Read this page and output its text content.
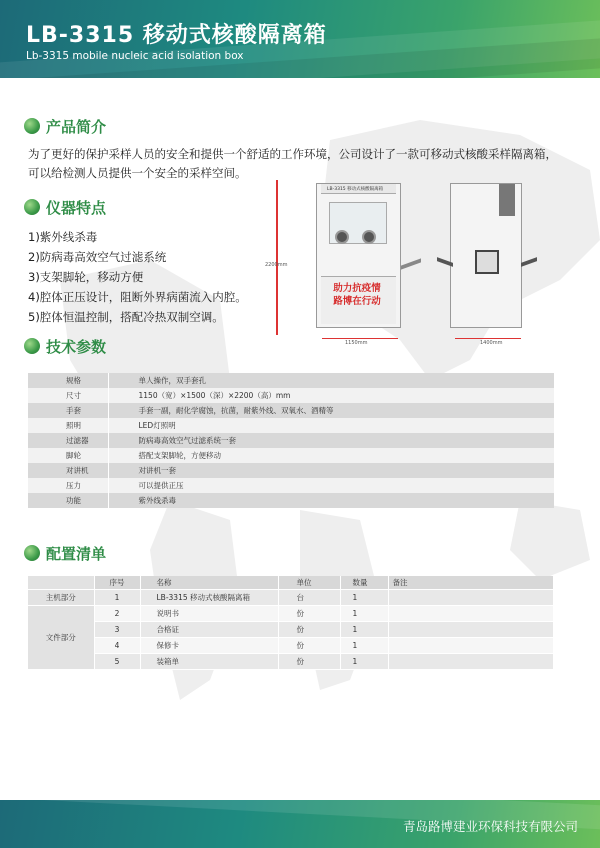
LB-3315 移动式核酸隔离箱
Lb-3315 mobile nucleic acid isolation box
产品简介
为了更好的保护采样人员的安全和提供一个舒适的工作环境，公司设计了一款可移动式核酸采样隔离箱，可以给检测人员提供一个安全的采样空间。
仪器特点
1)紫外线杀毒
2)防病毒高效空气过滤系统
3)支架脚轮，移动方便
4)腔体正压设计，阻断外界病菌流入内腔。
5)腔体恒温控制，搭配冷热双制空调。
2200mm
LB-3315 移动式核酸隔离箱
助力抗疫情
路博在行动
1150mm	1400mm
技术参数
规格	单人操作，双手套孔
尺寸	1150（宽）×1500（深）×2200（高）mm
手套	手套一副，耐化学腐蚀，抗菌，耐紫外线、双氧水、酒精等
照明	LED灯照明
过滤器	防病毒高效空气过滤系统一套
脚轮	搭配支架脚轮，方便移动
对讲机	对讲机一套
压力	可以提供正压
功能	紫外线杀毒
配置清单
	序号	名称	单位	数量	备注
主机部分	1	LB-3315 移动式核酸隔离箱	台	1	
文件部分	2	说明书	份	1	
	3	合格证	份	1	
	4	保修卡	份	1	
	5	装箱单	份	1	
青岛路博建业环保科技有限公司
